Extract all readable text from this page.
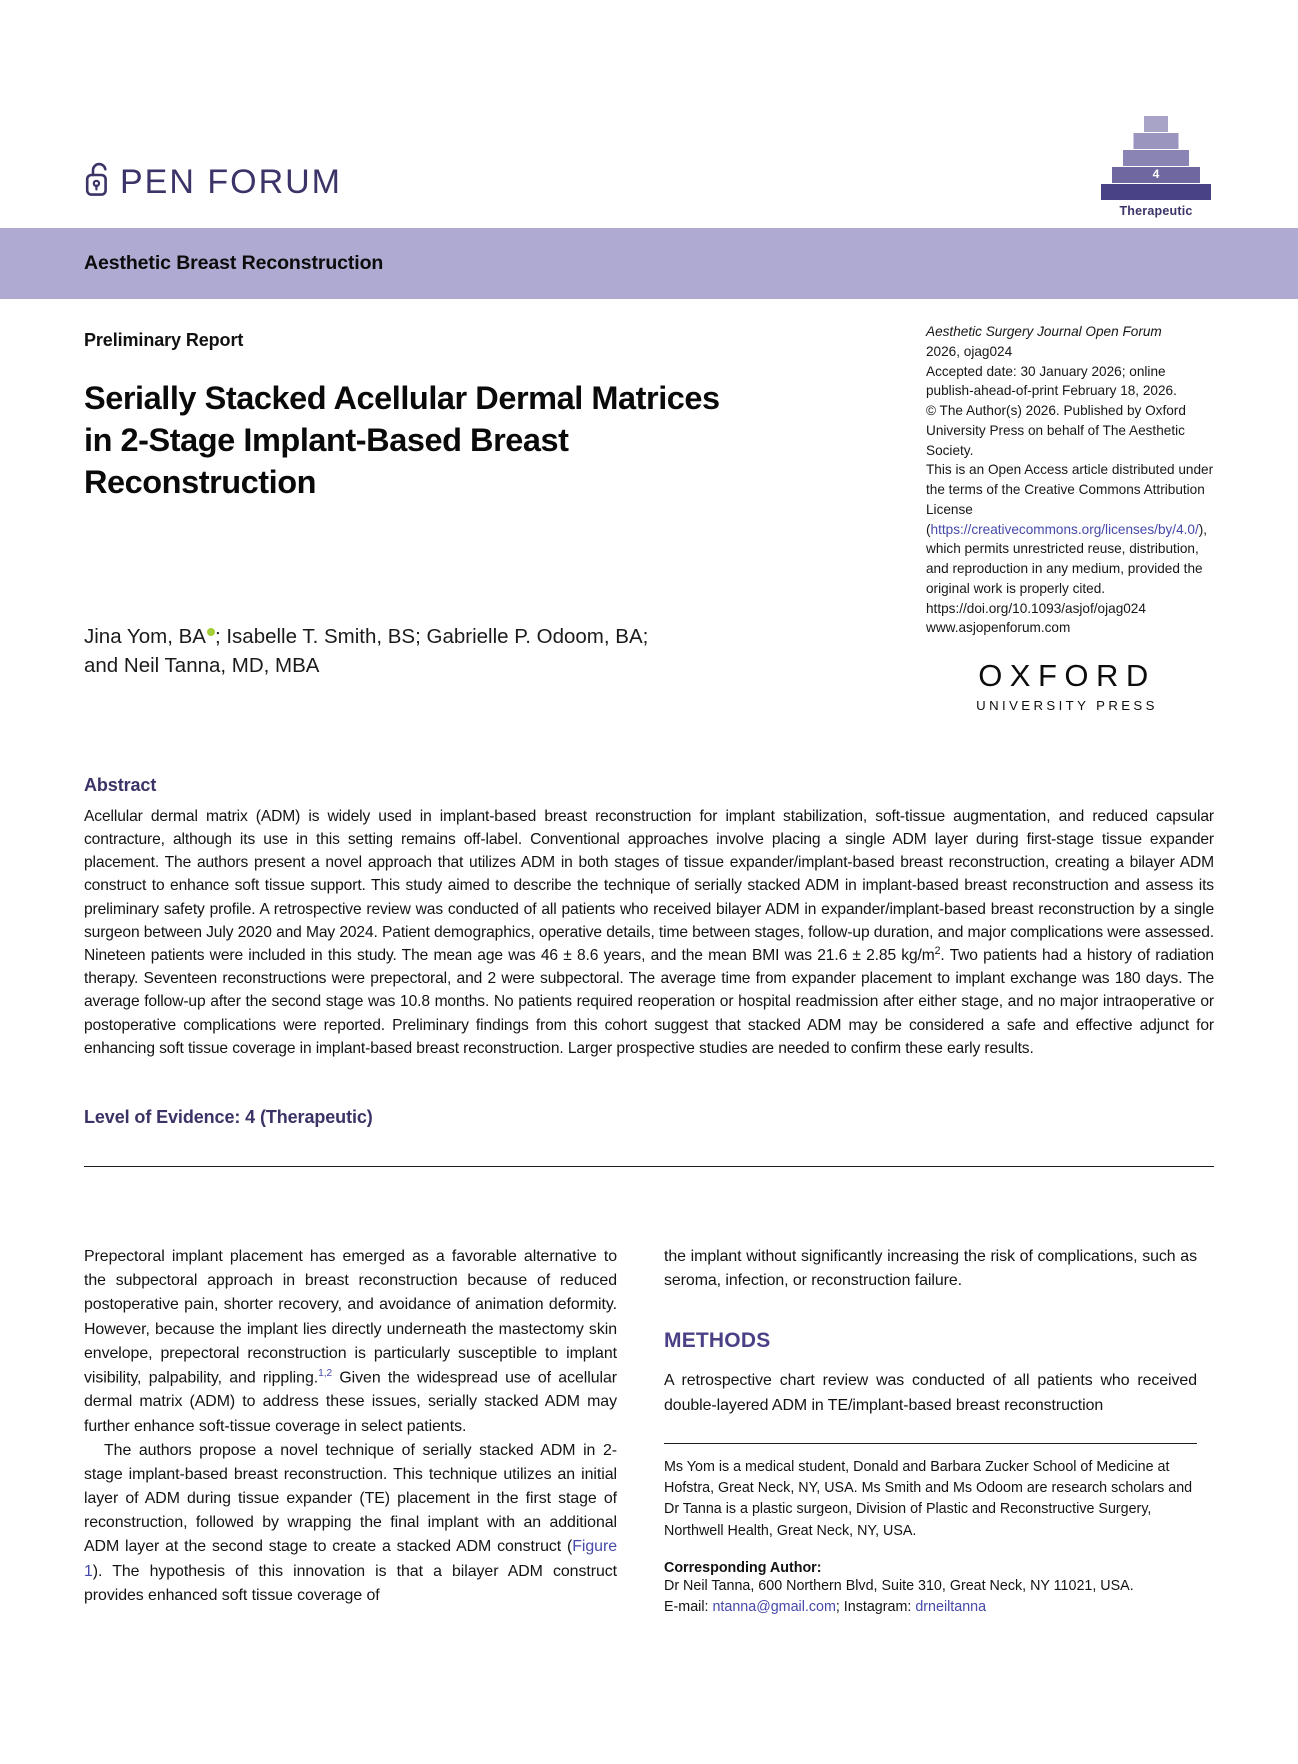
PEN FORUM	4
Therapeutic
Aesthetic Breast Reconstruction
Preliminary Report
Serially Stacked Acellular Dermal Matrices in 2-Stage Implant-Based Breast Reconstruction
Jina Yom, BA ; Isabelle T. Smith, BS; Gabrielle P. Odoom, BA;
and Neil Tanna, MD, MBA
Aesthetic Surgery Journal Open Forum
2026, ojag024
Accepted date: 30 January 2026; online publish-ahead-of-print February 18, 2026.
© The Author(s) 2026. Published by Oxford University Press on behalf of The Aesthetic Society.
This is an Open Access article distributed under the terms of the Creative Commons Attribution License (https://creativecommons.org/licenses/by/4.0/), which permits unrestricted reuse, distribution, and reproduction in any medium, provided the original work is properly cited.
https://doi.org/10.1093/asjof/ojag024
www.asjopenforum.com
OXFORD
UNIVERSITY PRESS
Abstract
Acellular dermal matrix (ADM) is widely used in implant-based breast reconstruction for implant stabilization, soft-tissue augmentation, and reduced capsular contracture, although its use in this setting remains off-label. Conventional approaches involve placing a single ADM layer during first-stage tissue expander placement. The authors present a novel approach that utilizes ADM in both stages of tissue expander/implant-based breast reconstruction, creating a bilayer ADM construct to enhance soft tissue support. This study aimed to describe the technique of serially stacked ADM in implant-based breast reconstruction and assess its preliminary safety profile. A retrospective review was conducted of all patients who received bilayer ADM in expander/implant-based breast reconstruction by a single surgeon between July 2020 and May 2024. Patient demographics, operative details, time between stages, follow-up duration, and major complications were assessed. Nineteen patients were included in this study. The mean age was 46 ± 8.6 years, and the mean BMI was 21.6 ± 2.85 $kg/m^2$. Two patients had a history of radiation therapy. Seventeen reconstructions were prepectoral, and 2 were subpectoral. The average time from expander placement to implant exchange was 180 days. The average follow-up after the second stage was 10.8 months. No patients required reoperation or hospital readmission after either stage, and no major intraoperative or postoperative complications were reported. Preliminary findings from this cohort suggest that stacked ADM may be considered a safe and effective adjunct for enhancing soft tissue coverage in implant-based breast reconstruction. Larger prospective studies are needed to confirm these early results.
Level of Evidence: 4 (Therapeutic)

Prepectoral implant placement has emerged as a favorable alternative to the subpectoral approach in breast reconstruction because of reduced postoperative pain, shorter recovery, and avoidance of animation deformity. However, because the implant lies directly underneath the mastectomy skin envelope, prepectoral reconstruction is particularly susceptible to implant visibility, palpability, and rippling.$^{1,2}$ Given the widespread use of acellular dermal matrix (ADM) to address these issues, serially stacked ADM may further enhance soft-tissue coverage in select patients.

The authors propose a novel technique of serially stacked ADM in 2-stage implant-based breast reconstruction. This technique utilizes an initial layer of ADM during tissue expander (TE) placement in the first stage of reconstruction, followed by wrapping the final implant with an additional ADM layer at the second stage to create a stacked ADM construct (Figure 1). The hypothesis of this innovation is that a bilayer ADM construct provides enhanced soft tissue coverage of

the implant without significantly increasing the risk of complications, such as seroma, infection, or reconstruction failure.

METHODS

A retrospective chart review was conducted of all patients who received double-layered ADM in TE/implant-based breast reconstruction

Ms Yom is a medical student, Donald and Barbara Zucker School of Medicine at Hofstra, Great Neck, NY, USA. Ms Smith and Ms Odoom are research scholars and Dr Tanna is a plastic surgeon, Division of Plastic and Reconstructive Surgery, Northwell Health, Great Neck, NY, USA.
Corresponding Author:
Dr Neil Tanna, 600 Northern Blvd, Suite 310, Great Neck, NY 11021, USA.
E-mail: ntanna@gmail.com; Instagram: drneiltanna
